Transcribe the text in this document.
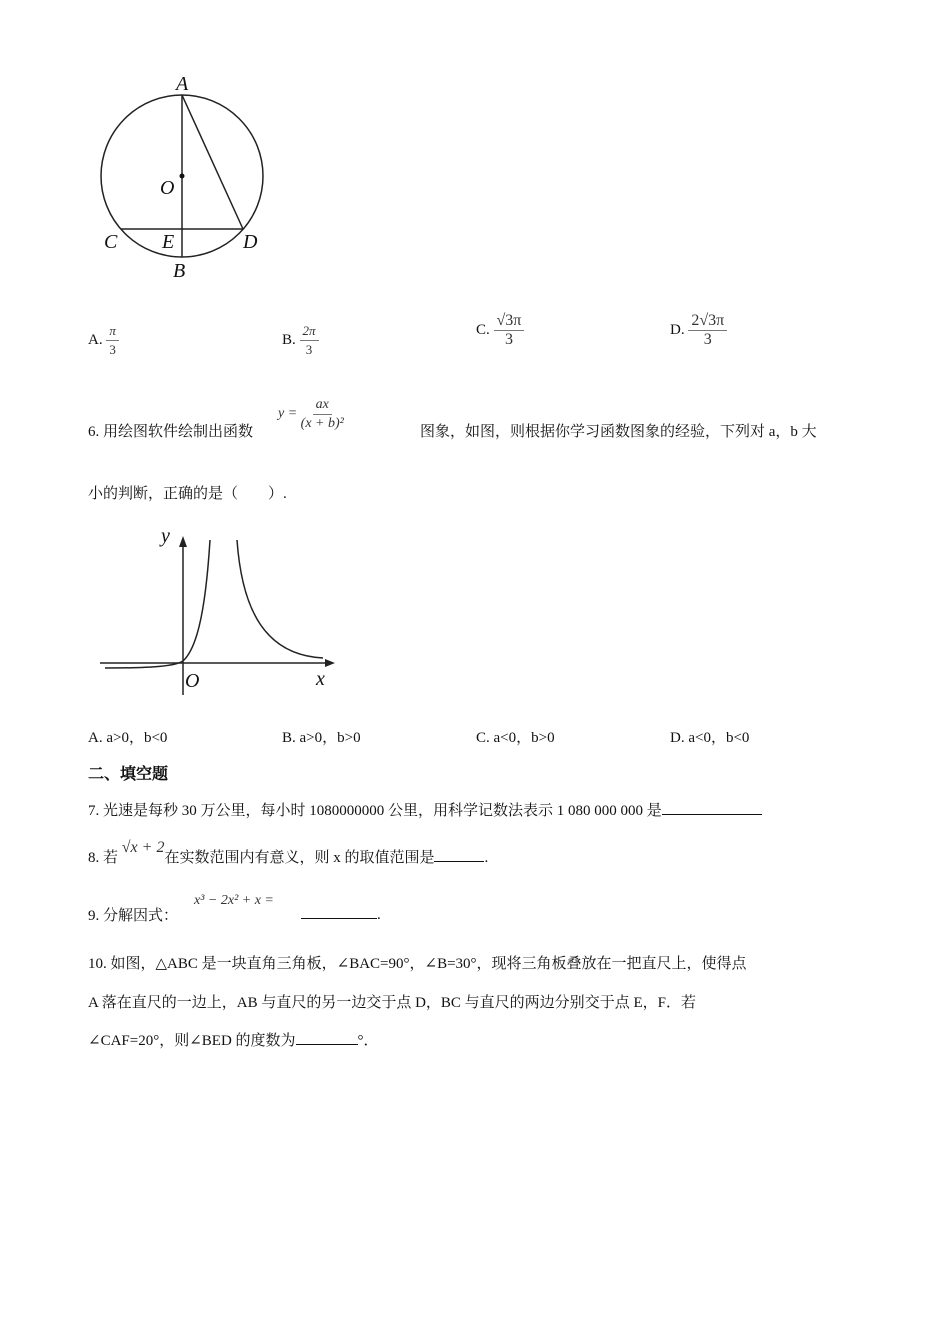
A
O
C E	D
B
A. $\frac{\pi}{3}$	B. $\frac{2\pi}{3}$	C. $\frac{√3\pi}{3}$	D. $\frac{2√3\pi}{3}$
6. 用绘图软件绘制出函数
$y = \frac{ax}{\text{(x + b)²}}$	图象，如图，则根据你学习函数图象的经验，下列对 a，b 大
小的判断，正确的是（　　）.
y
O	x
A. a>0，b<0	B. a>0，b>0	C. a<0，b>0	D. a<0，b<0
二、填空题
7. 光速是每秒 30 万公里，每小时 1080000000 公里，用科学记数法表示 1 080 000 000 是
8. 若 √x + 2在实数范围内有意义，则 x 的取值范围是	.
9. 分解因式：
x³ − 2x² + x =
.
10. 如图，△ABC 是一块直角三角板，∠BAC=90°，∠B=30°，现将三角板叠放在一把直尺上，使得点
A 落在直尺的一边上，AB 与直尺的另一边交于点 D，BC 与直尺的两边分别交于点 E，F．若
∠CAF=20°，则∠BED 的度数为	°．
